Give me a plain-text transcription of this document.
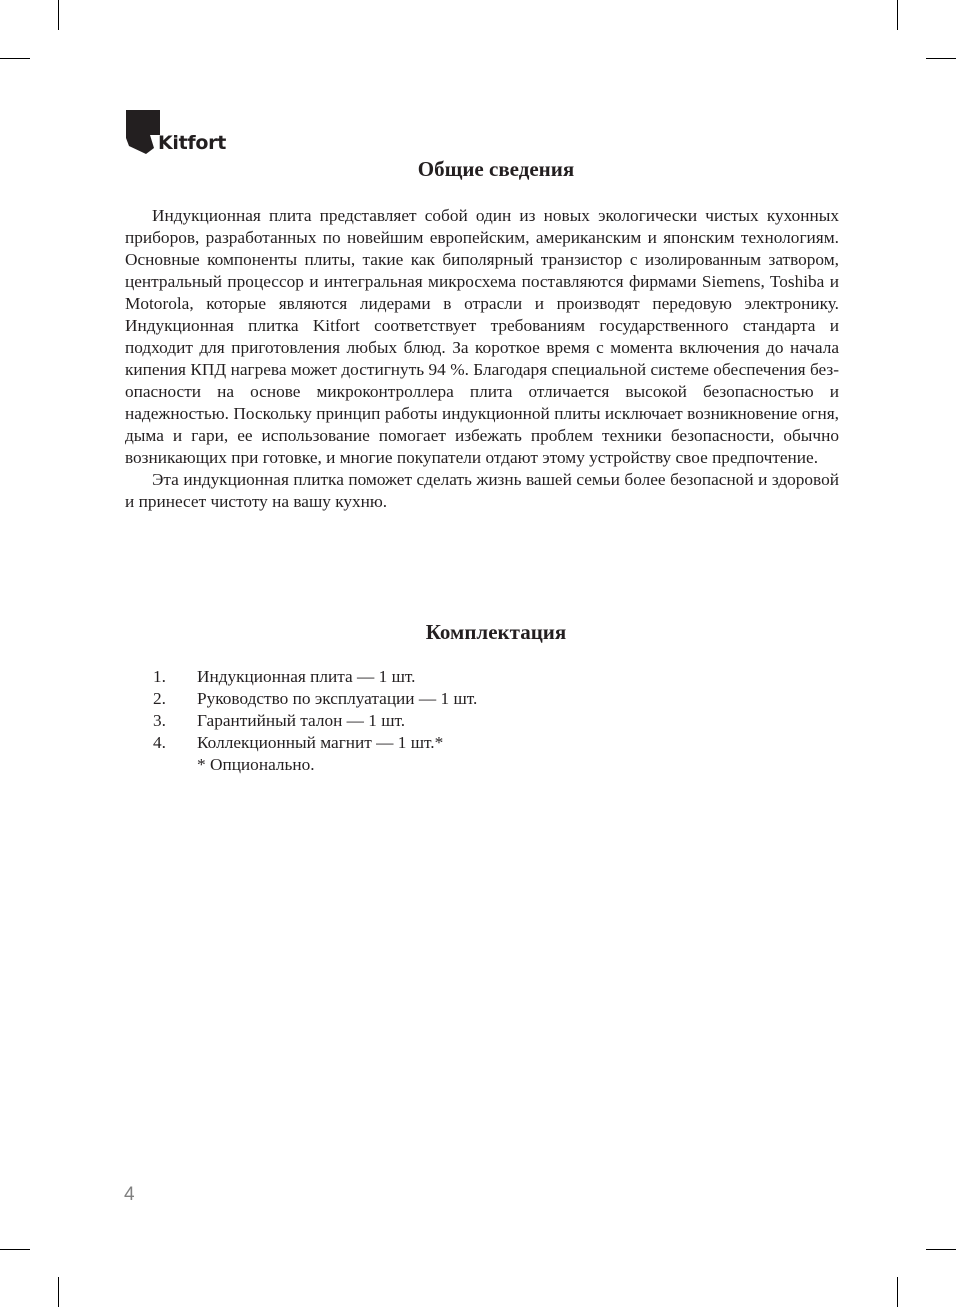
Kitfort
Общие сведения

Индукционная плита представляет собой один из новых экологически чистых кухонных приборов, разработанных по новейшим европейским, американским и японским технологиям. Основные компоненты плиты, такие как биполярный транзистор с изолированным затвором, центральный процессор и интегральная микросхема поставляются фирмами Siemens, Toshiba и Motorola, которые являются лидерами в отрасли и производят передовую электронику. Индукционная плитка Kitfort соответствует требованиям государственного стандарта и подходит для приготовления любых блюд. За короткое время с момента включения до начала кипения КПД нагрева может достигнуть 94 %. Благодаря специальной системе обеспечения безопасности на основе микроконтроллера плита отличается высокой безопасностью и надежностью. Поскольку принцип работы индукционной плиты исключает возникновение огня, дыма и гари, ее использование помогает избежать проблем техники безопасности, обычно возникающих при готовке, и многие покупатели отдают этому устройству свое предпочтение.

Эта индукционная плитка поможет сделать жизнь вашей семьи более безопасной и здоровой и принесет чистоту на вашу кухню.

Комплектация
1.	Индукционная плита — 1 шт.
2.	Руководство по эксплуатации — 1 шт.
3.	Гарантийный талон — 1 шт.
4.	Коллекционный магнит — 1 шт.*
* Опционально.
4
